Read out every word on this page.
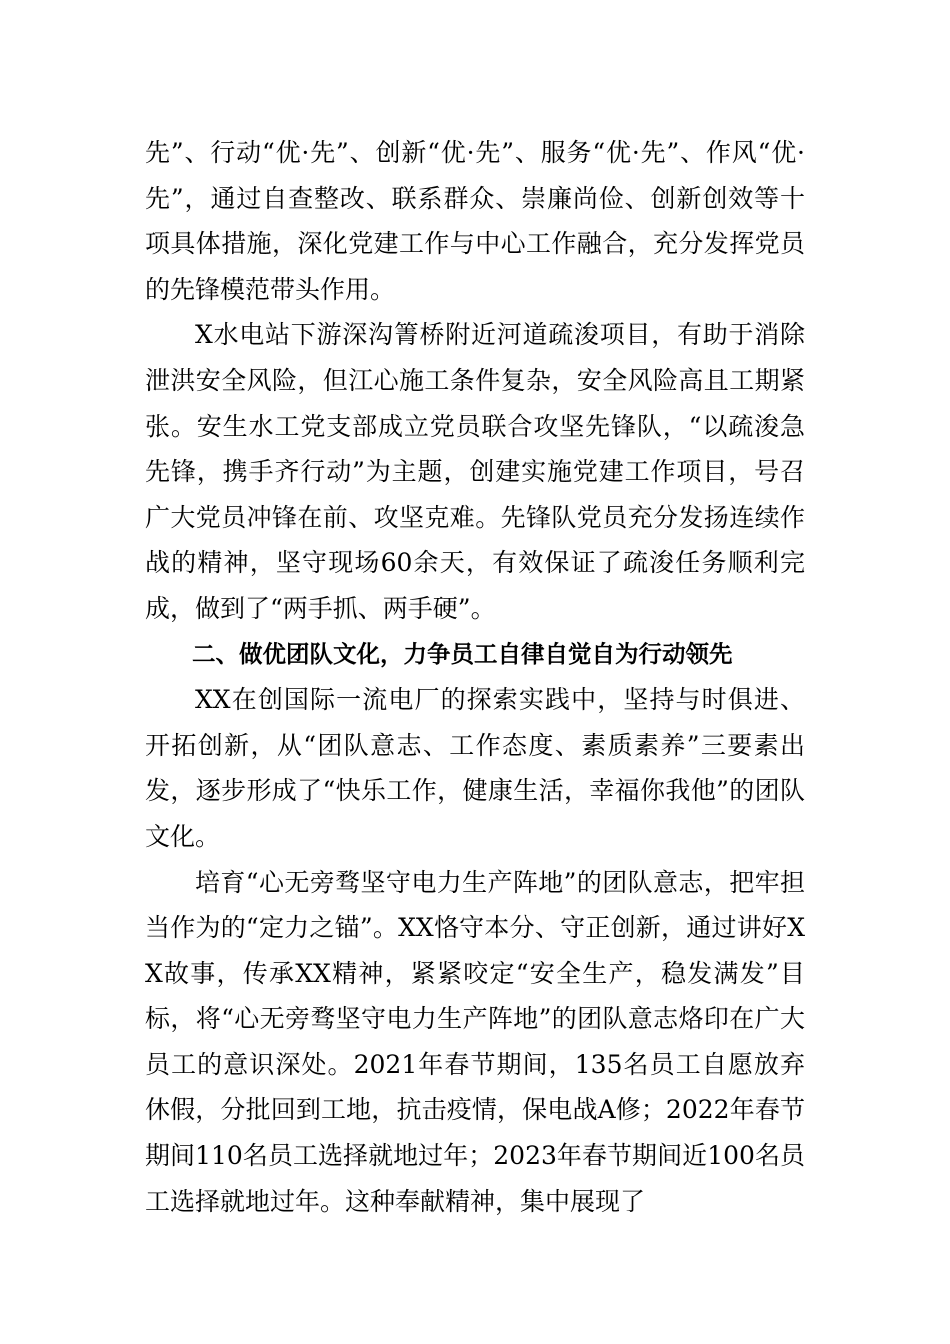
先”、行动“优·先”、创新“优·先”、服务“优·先”、作风“优·先”，通过自查整改、联系群众、崇廉尚俭、创新创效等十项具体措施，深化党建工作与中心工作融合，充分发挥党员的先锋模范带头作用。

X水电站下游深沟箐桥附近河道疏浚项目，有助于消除泄洪安全风险，但江心施工条件复杂，安全风险高且工期紧张。安生水工党支部成立党员联合攻坚先锋队，“以疏浚急先锋，携手齐行动”为主题，创建实施党建工作项目，号召广大党员冲锋在前、攻坚克难。先锋队党员充分发扬连续作战的精神，坚守现场60余天，有效保证了疏浚任务顺利完成，做到了“两手抓、两手硬”。

二、做优团队文化，力争员工自律自觉自为行动领先

XX在创国际一流电厂的探索实践中，坚持与时俱进、开拓创新，从“团队意志、工作态度、素质素养”三要素出发，逐步形成了“快乐工作，健康生活，幸福你我他”的团队文化。

培育“心无旁骛坚守电力生产阵地”的团队意志，把牢担当作为的“定力之锚”。XX恪守本分、守正创新，通过讲好XX故事，传承XX精神，紧紧咬定“安全生产，稳发满发”目标，将“心无旁骛坚守电力生产阵地”的团队意志烙印在广大员工的意识深处。2021年春节期间，135名员工自愿放弃休假，分批回到工地，抗击疫情，保电战A修；2022年春节期间110名员工选择就地过年；2023年春节期间近100名员工选择就地过年。这种奉献精神，集中展现了
